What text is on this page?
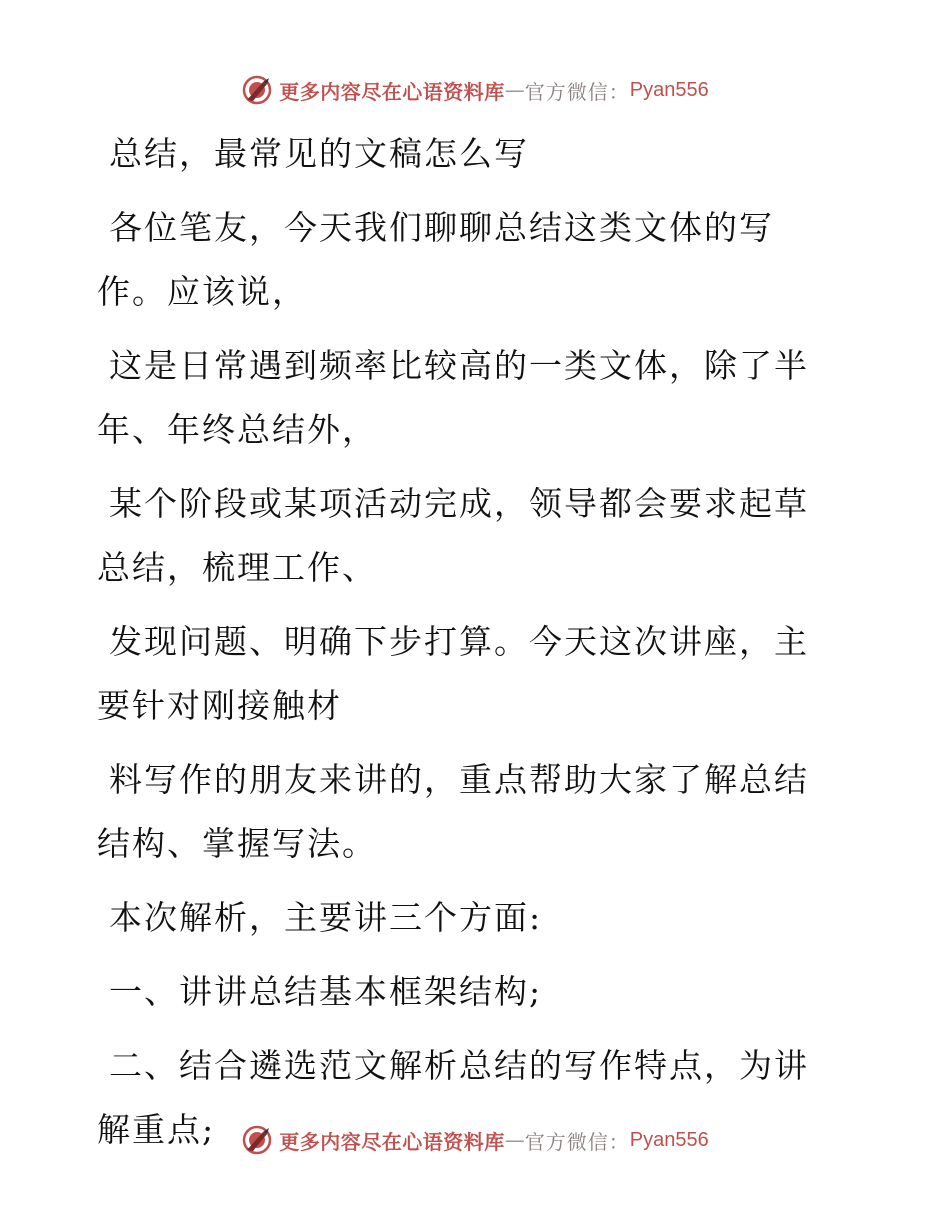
更多内容尽在心语资料库 — 官方微信： Pyan556

总结，最常见的文稿怎么写

各位笔友，今天我们聊聊总结这类文体的写作。应该说，

这是日常遇到频率比较高的一类文体，除了半年、年终总结外，

某个阶段或某项活动完成，领导都会要求起草总结，梳理工作、

发现问题、明确下步打算。今天这次讲座，主要针对刚接触材

料写作的朋友来讲的，重点帮助大家了解总结结构、掌握写法。

本次解析，主要讲三个方面:

一、讲讲总结基本框架结构;

二、结合遴选范文解析总结的写作特点，为讲解重点;	更多内容尽在心语资料库 — 官方微信： Pyan556
